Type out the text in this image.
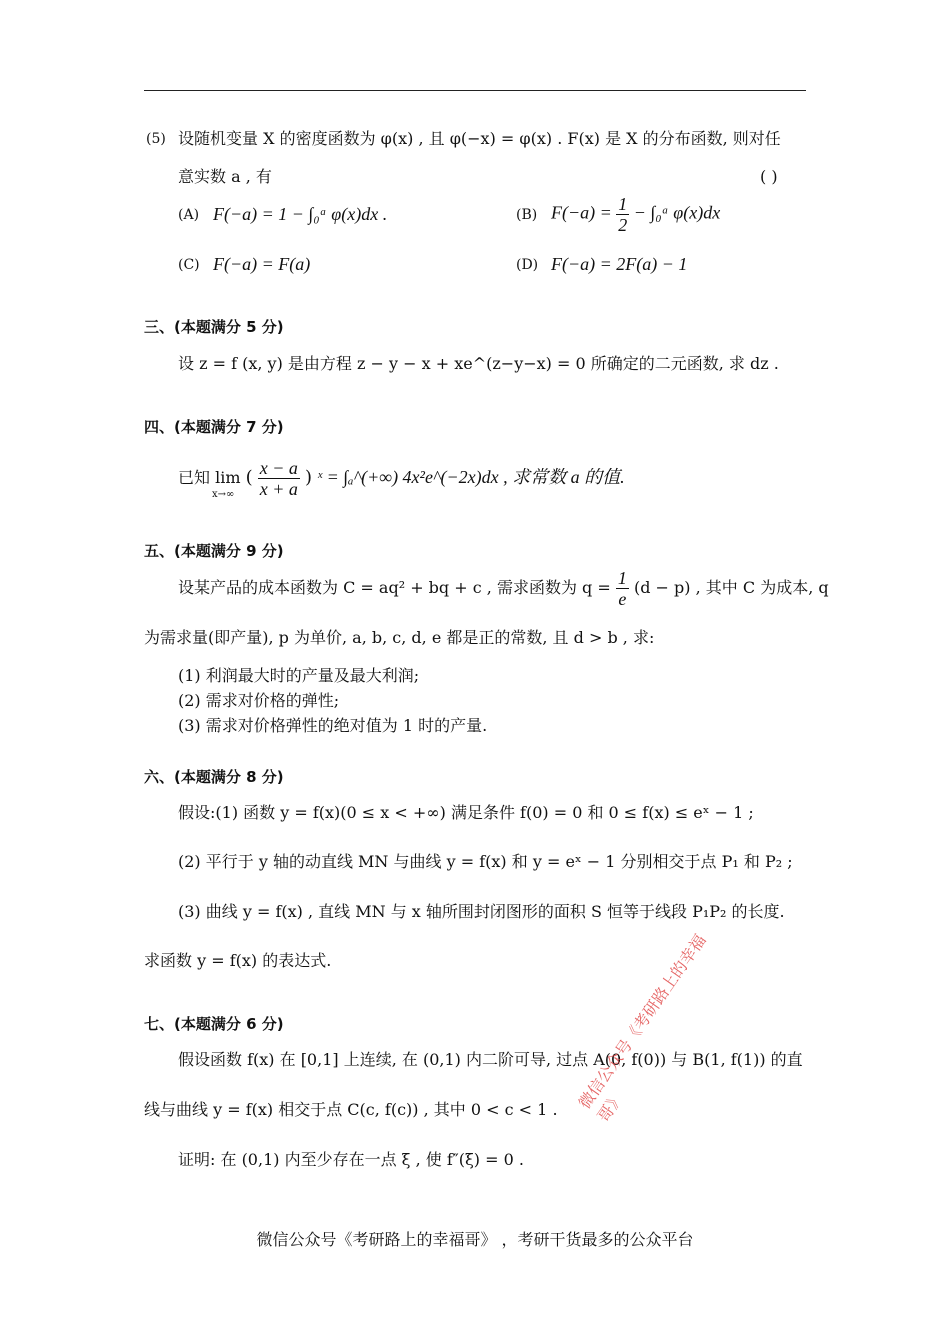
(5) 设随机变量 X 的密度函数为 φ(x) , 且 φ(−x) = φ(x) . F(x) 是 X 的分布函数, 则对任
意实数 a , 有	( )
(A) F(−a) = 1 − ∫₀ᵃ φ(x)dx .	(B) $F(-a) = \frac{1}{2}$ − ∫₀ᵃ φ(x)dx
(C) F(−a) = F(a)	(D) F(−a) = 2F(a) − 1
三、(本题满分 5 分)
设 z = f (x, y) 是由方程 z − y − x + xe^(z−y−x) = 0 所确定的二元函数, 求 dz .
四、(本题满分 7 分)
已知 lim ( $\frac{x - a}{x + a}$ ) ˣ = ∫ₐ^(+∞) 4x²e^(−2x)dx , 求常数 a 的值.
x→∞
五、(本题满分 9 分)
设某产品的成本函数为 C = aq² + bq + c , 需求函数为 $q = \frac{1}{e} (d - p)$ , 其中 C 为成本, q
为需求量(即产量), p 为单价, a, b, c, d, e 都是正的常数, 且 d > b , 求:
(1) 利润最大时的产量及最大利润;
(2) 需求对价格的弹性;
(3) 需求对价格弹性的绝对值为 1 时的产量.
六、(本题满分 8 分)
假设:(1) 函数 y = f(x)(0 ≤ x < +∞) 满足条件 f(0) = 0 和 0 ≤ f(x) ≤ eˣ − 1 ;
(2) 平行于 y 轴的动直线 MN 与曲线 y = f(x) 和 y = eˣ − 1 分别相交于点 P₁ 和 P₂ ;
(3) 曲线 y = f(x) , 直线 MN 与 x 轴所围封闭图形的面积 S 恒等于线段 P₁P₂ 的长度.
求函数 y = f(x) 的表达式.
七、(本题满分 6 分)
假设函数 f(x) 在 [0,1] 上连续, 在 (0,1) 内二阶可导, 过点 A(0, f(0)) 与 B(1, f(1)) 的直
线与曲线 y = f(x) 相交于点 C(c, f(c)) , 其中 0 < c < 1 .
证明: 在 (0,1) 内至少存在一点 ξ , 使 f″(ξ) = 0 .
微信公众号《考研路上的幸福哥》
微信公众号《考研路上的幸福哥》 ，考研干货最多的公众平台
